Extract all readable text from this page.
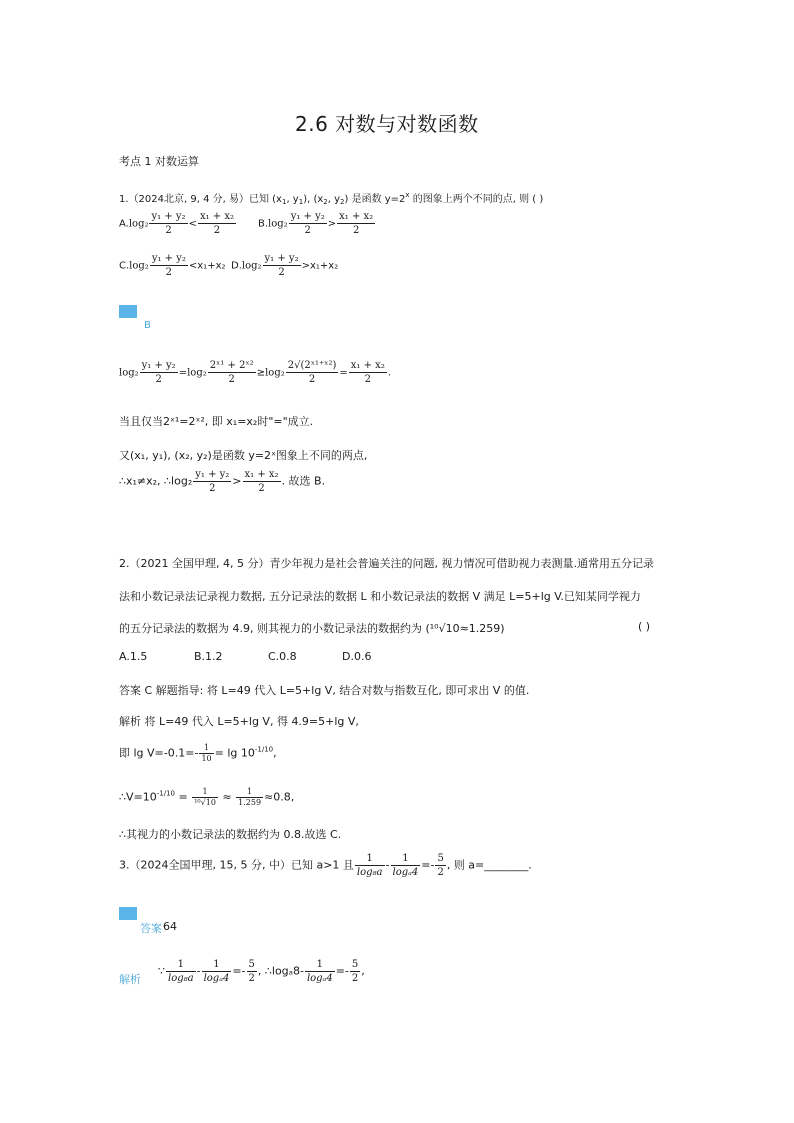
2.6 对数与对数函数
考点 1 对数运算
1.（2024北京, 9, 4 分, 易）已知 ($x_1$, $y_1$), ($x_2$, $y_2$) 是函数 $y=2^x$ 的图象上两个不同的点, 则 ( )
$A.\log_2 \frac{\text{y₁ + y₂}}{2} < \frac{\text{x₁ + x₂}}{2} B.\log_2 \frac{\text{y₁ + y₂}}{2} > \frac{\text{x₁ + x₂}}{2}$
$C.\log_2 \frac{\text{y₁ + y₂}}{2} <x_1+x_2$ $D.\log_2 \frac{\text{y₁ + y₂}}{2} >x_1+x_2$
B
$\log_2 \frac{\text{y₁ + y₂}}{2} =\log_2 \frac{\text{2ˣ¹ + 2ˣ²}}{2} \ge\log_2 \frac{\text{2√(2ˣ¹⁺ˣ²)}}{2} = \frac{\text{x₁ + x₂}}{2}$ .
当且仅当2ˣ¹=2ˣ², 即 x₁=x₂时"="成立.
又(x₁, y₁), (x₂, y₂)是函数 y=2ˣ图象上不同的两点,
∴x₁≠x₂, ∴log₂ $\frac{\text{y₁ + y₂}}{2} > \frac{\text{x₁ + x₂}}{2}$ . 故选 B.
2.（2021 全国甲理, 4, 5 分）青少年视力是社会普遍关注的问题, 视力情况可借助视力表测量.通常用五分记录
法和小数记录法记录视力数据, 五分记录法的数据 L 和小数记录法的数据 V 满足 L=5+lg V.已知某同学视力
的五分记录法的数据为 4.9, 则其视力的小数记录法的数据约为 (¹⁰√10≈1.259)	( )
A.1.5	B.1.2	C.0.8	D.0.6
答案 C 解题指导: 将 L=49 代入 L=5+lg V, 结合对数与指数互化, 即可求出 V 的值.
解析 将 L=49 代入 L=5+lg V, 得 4.9=5+lg V,
即 $\lg V=-0.1=- \frac{1}{10} = \lg 10^{-1/10}$,
$\therefore V=10^{-1/10} = \frac{1}{\text{¹⁰√10}} \approx \frac{1}{1.259} \approx 0.8$,
∴其视力的小数记录法的数据约为 0.8.故选 C.
3.（2024全国甲理, 15, 5 分, 中）已知 a>1 且 $\frac{1}{\text{log₈a}} - \frac{1}{\text{logₐ4}} =- \frac{5}{2}$ , 则 a=________.
答案 64
解析
∵ $\frac{1}{\text{log₈a}} - \frac{1}{\text{logₐ4}} =- \frac{5}{2}$ , ∴logₐ8- $\frac{1}{\text{logₐ4}} =- \frac{5}{2}$ ,
